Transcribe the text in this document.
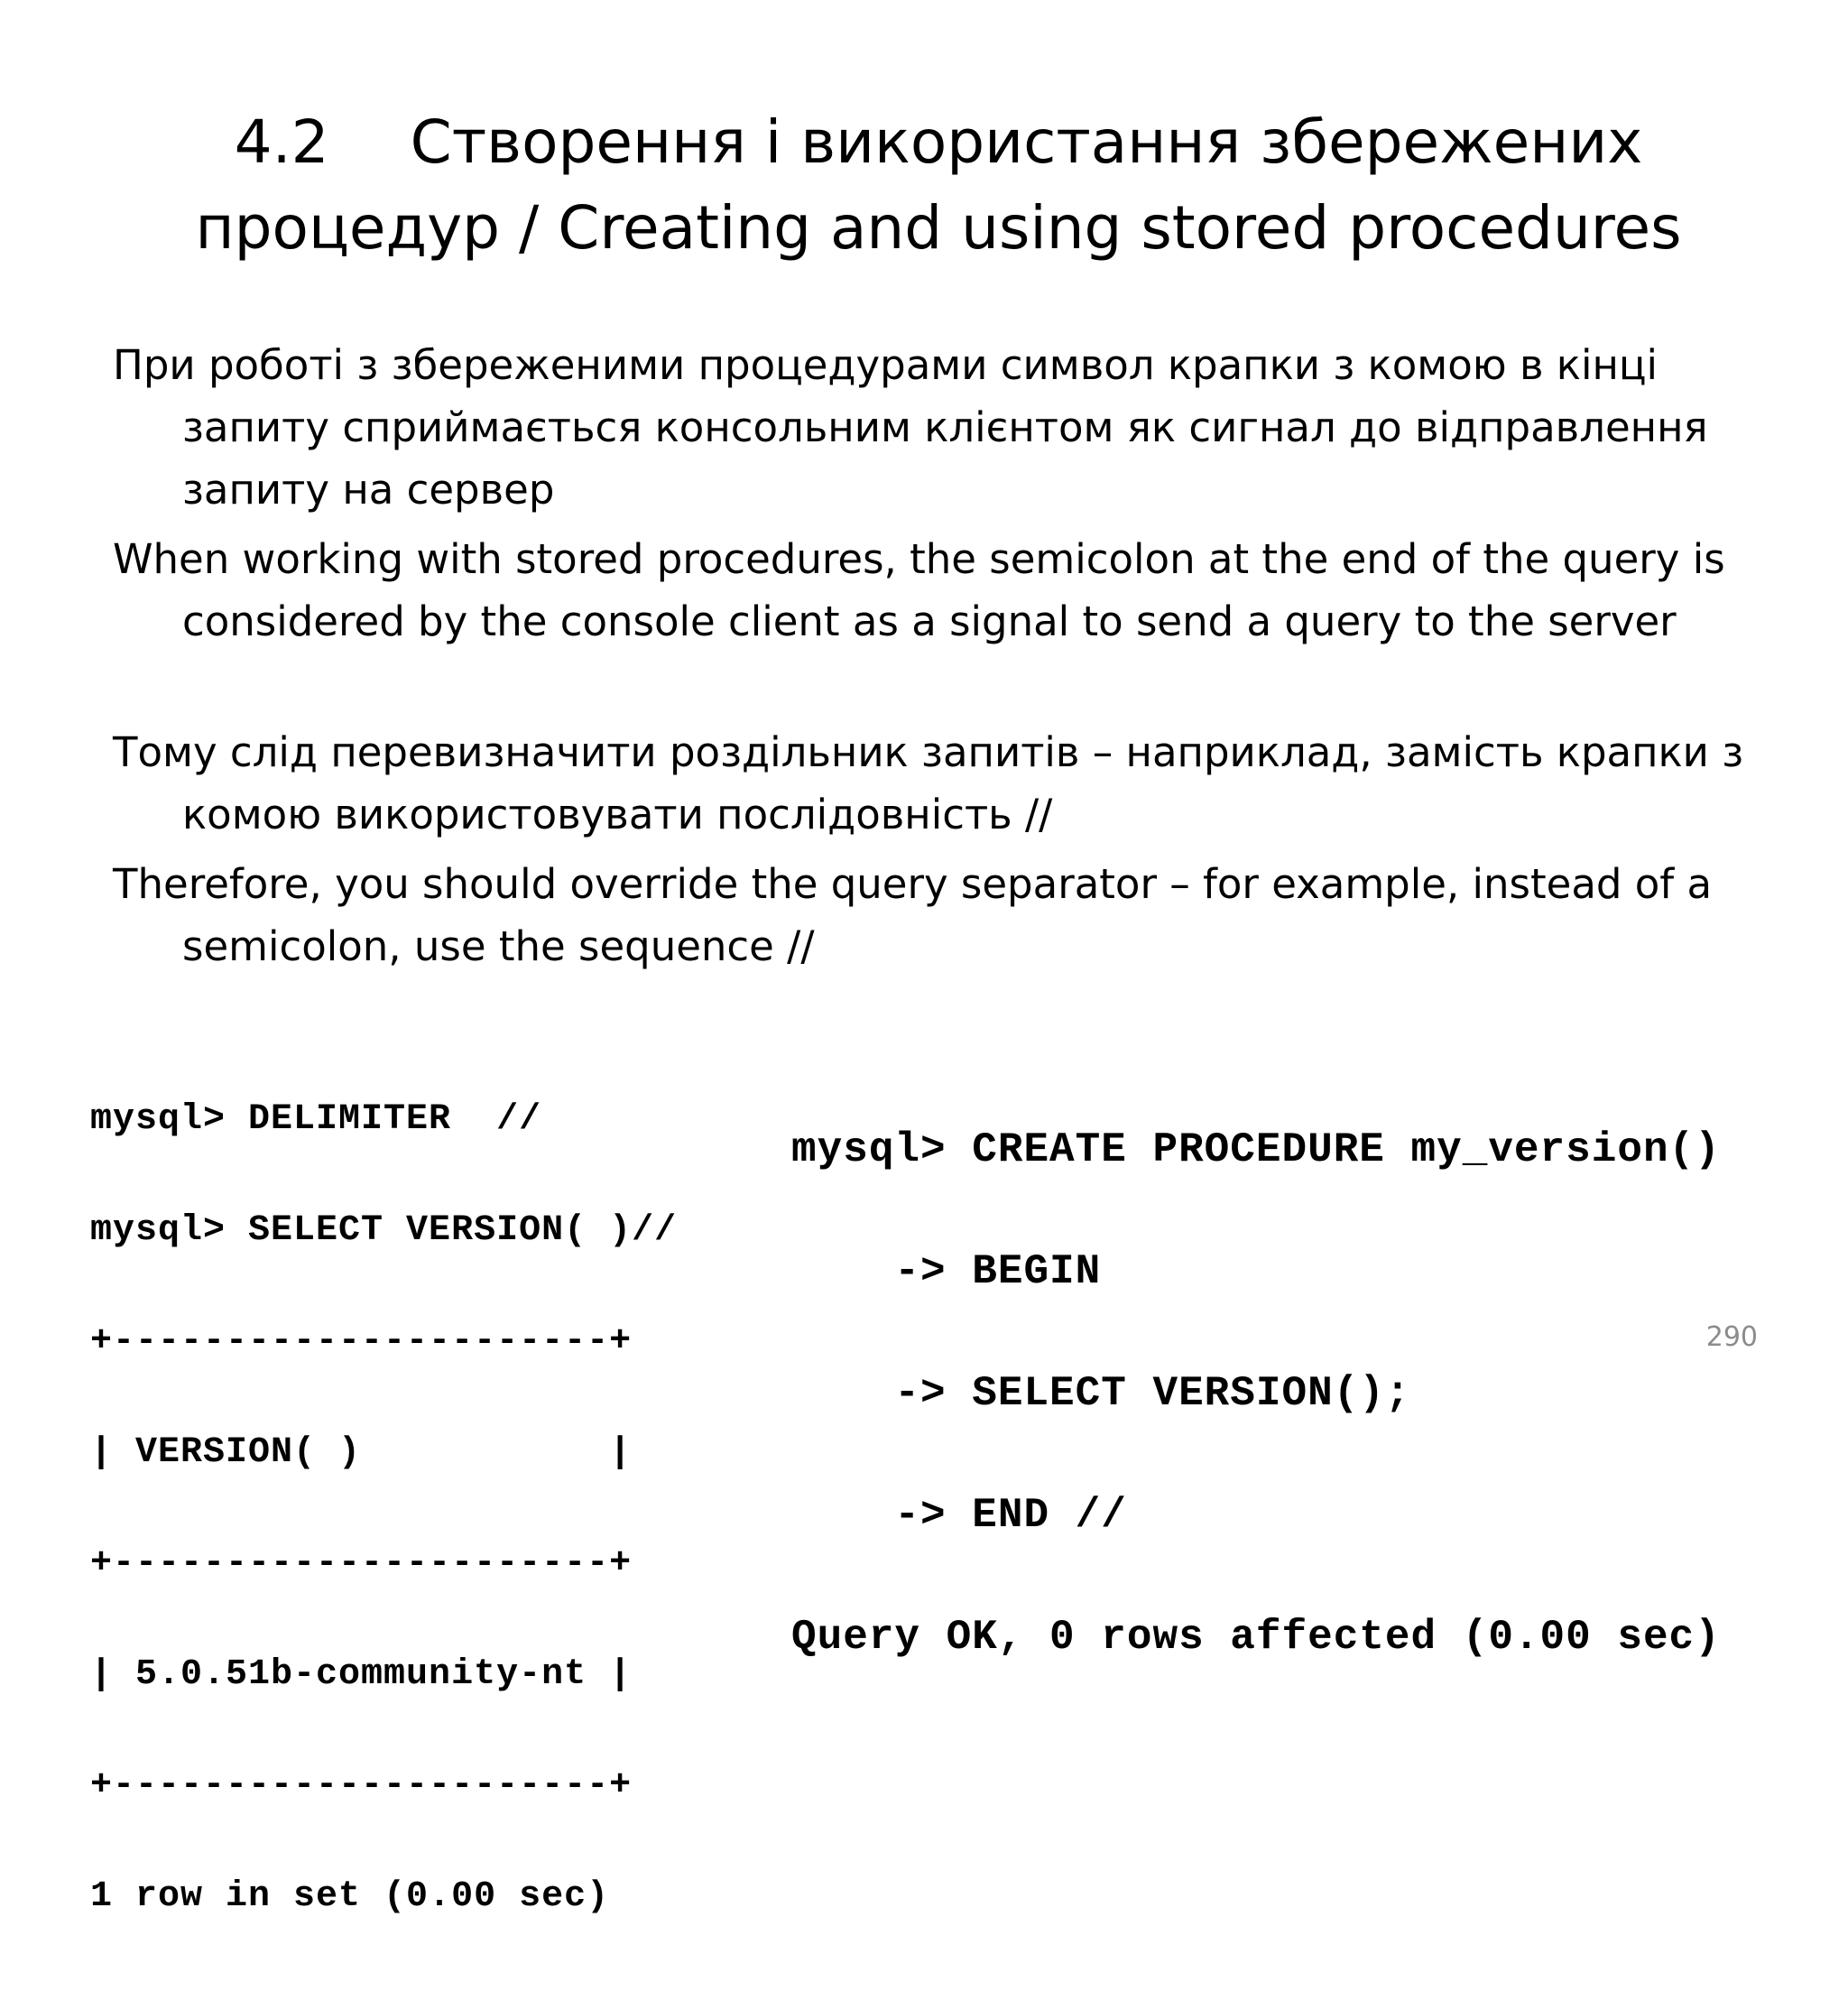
4.2 Створення і використання збережених
процедур / Creating and using stored procedures

При роботі з збереженими процедурами символ крапки з комою в кінці запиту сприймається консольним клієнтом як сигнал до відправлення запиту на сервер

When working with stored procedures, the semicolon at the end of the query is considered by the console client as a signal to send a query to the server

Тому слід перевизначити роздільник запитів – наприклад, замість крапки з комою використовувати послідовність //

Therefore, you should override the query separator – for example, instead of a semicolon, use the sequence //

mysql> DELIMITER  //

mysql> SELECT VERSION( )//

+----------------------+

| VERSION( )           |

+----------------------+

| 5.0.51b-community-nt |

+----------------------+

1 row in set (0.00 sec)

mysql> CREATE PROCEDURE my_version()

-> BEGIN

-> SELECT VERSION();

-> END //

Query OK, 0 rows affected (0.00 sec)

290
